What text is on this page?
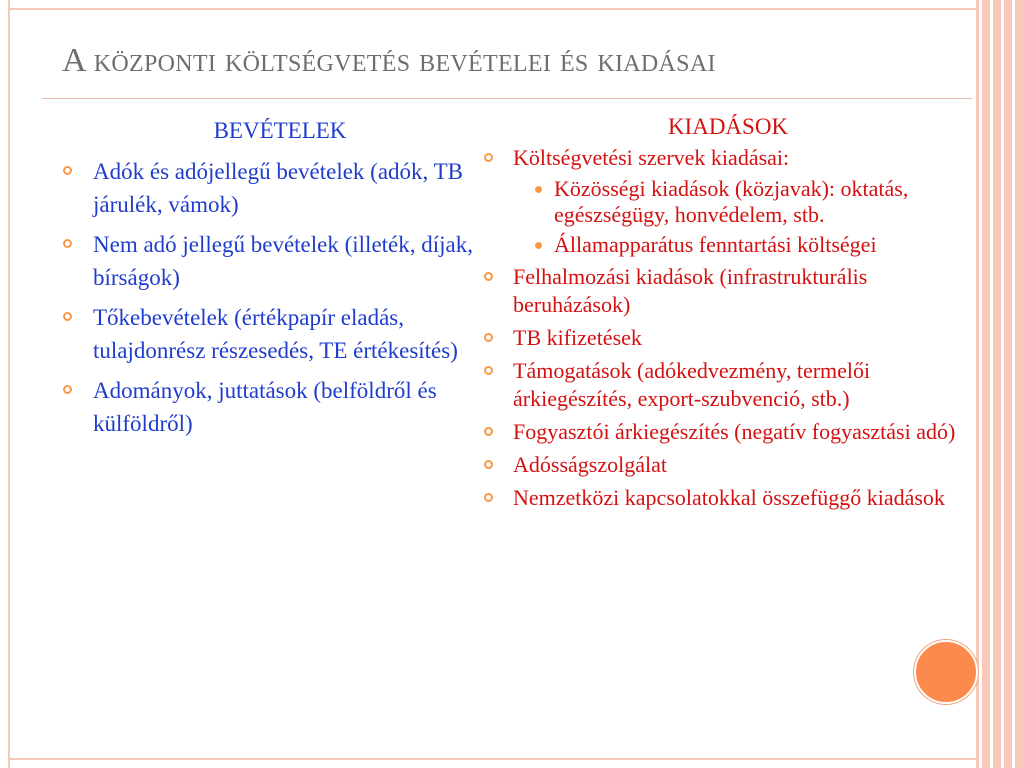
A központi költségvetés bevételei és kiadásai
BEVÉTELEK
Adók és adójellegű bevételek (adók, TB járulék, vámok)
Nem adó jellegű bevételek (illeték, díjak, bírságok)
Tőkebevételek (értékpapír eladás, tulajdonrész részesedés, TE értékesítés)
Adományok, juttatások (belföldről és külföldről)
KIADÁSOK
Költségvetési szervek kiadásai:
Közösségi kiadások (közjavak): oktatás, egészségügy, honvédelem, stb.
Államapparátus fenntartási költségei
Felhalmozási kiadások (infrastrukturális beruházások)
TB kifizetések
Támogatások (adókedvezmény, termelői árkiegészítés, export-szubvenció, stb.)
Fogyasztói árkiegészítés (negatív fogyasztási adó)
Adósságszolgálat
Nemzetközi kapcsolatokkal összefüggő kiadások
